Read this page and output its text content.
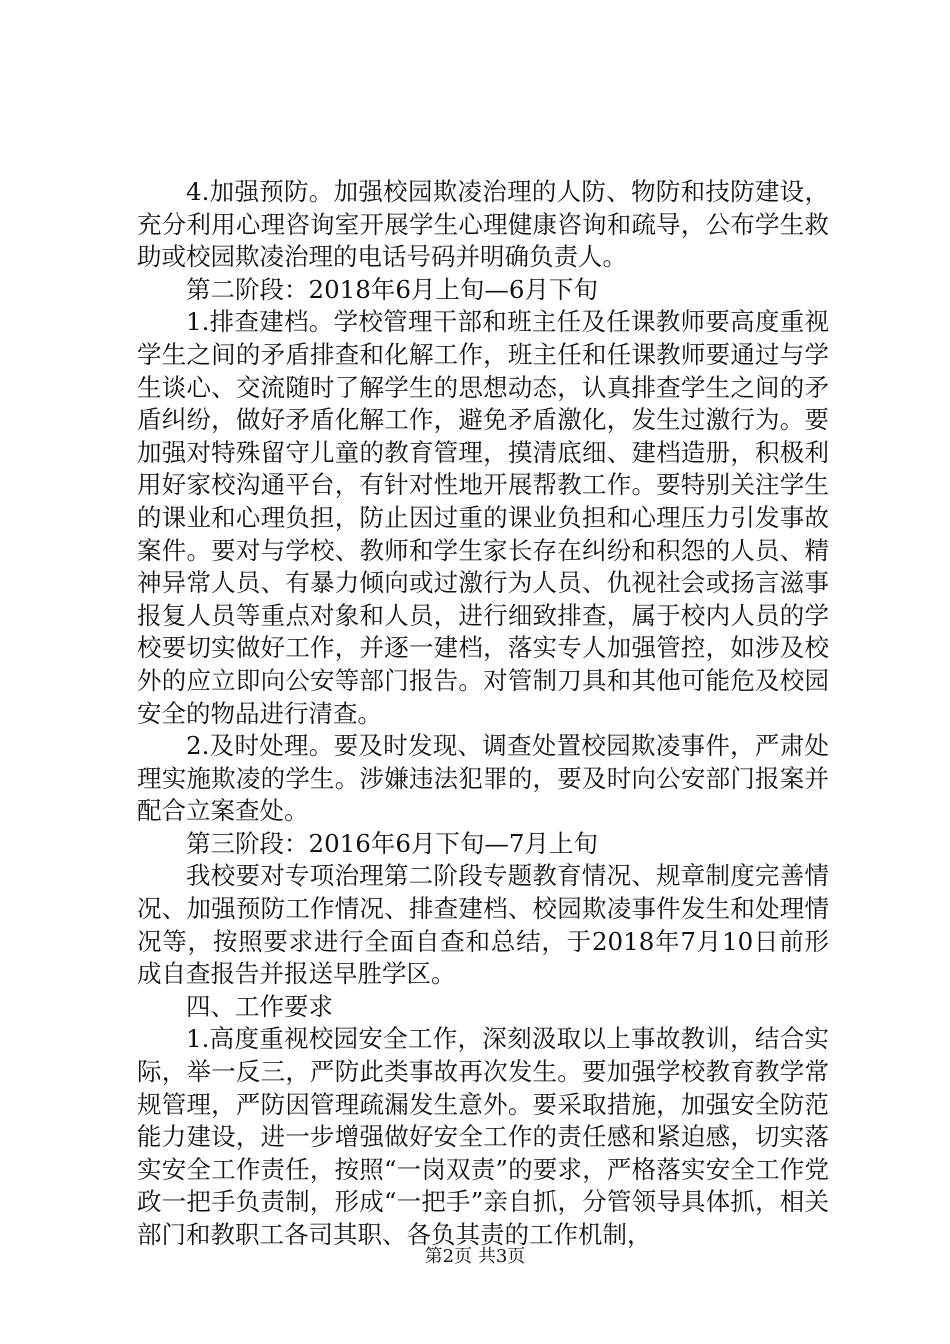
4.加强预防。加强校园欺凌治理的人防、物防和技防建设，充分利用心理咨询室开展学生心理健康咨询和疏导，公布学生救助或校园欺凌治理的电话号码并明确负责人。

第二阶段：2018年6月上旬—6月下旬

1.排查建档。学校管理干部和班主任及任课教师要高度重视学生之间的矛盾排查和化解工作，班主任和任课教师要通过与学生谈心、交流随时了解学生的思想动态，认真排查学生之间的矛盾纠纷，做好矛盾化解工作，避免矛盾激化，发生过激行为。要加强对特殊留守儿童的教育管理，摸清底细、建档造册，积极利用好家校沟通平台，有针对性地开展帮教工作。要特别关注学生的课业和心理负担，防止因过重的课业负担和心理压力引发事故案件。要对与学校、教师和学生家长存在纠纷和积怨的人员、精神异常人员、有暴力倾向或过激行为人员、仇视社会或扬言滋事报复人员等重点对象和人员，进行细致排查，属于校内人员的学校要切实做好工作，并逐一建档，落实专人加强管控，如涉及校外的应立即向公安等部门报告。对管制刀具和其他可能危及校园安全的物品进行清查。

2.及时处理。要及时发现、调查处置校园欺凌事件，严肃处理实施欺凌的学生。涉嫌违法犯罪的，要及时向公安部门报案并配合立案查处。

第三阶段：2016年6月下旬—7月上旬

我校要对专项治理第二阶段专题教育情况、规章制度完善情况、加强预防工作情况、排查建档、校园欺凌事件发生和处理情况等，按照要求进行全面自查和总结，于2018年7月10日前形成自查报告并报送早胜学区。

四、工作要求

1.高度重视校园安全工作，深刻汲取以上事故教训，结合实际，举一反三，严防此类事故再次发生。要加强学校教育教学常规管理，严防因管理疏漏发生意外。要采取措施，加强安全防范能力建设，进一步增强做好安全工作的责任感和紧迫感，切实落实安全工作责任，按照“一岗双责”的要求，严格落实安全工作党政一把手负责制，形成“一把手”亲自抓，分管领导具体抓，相关部门和教职工各司其职、各负其责的工作机制，

第2页 共3页
